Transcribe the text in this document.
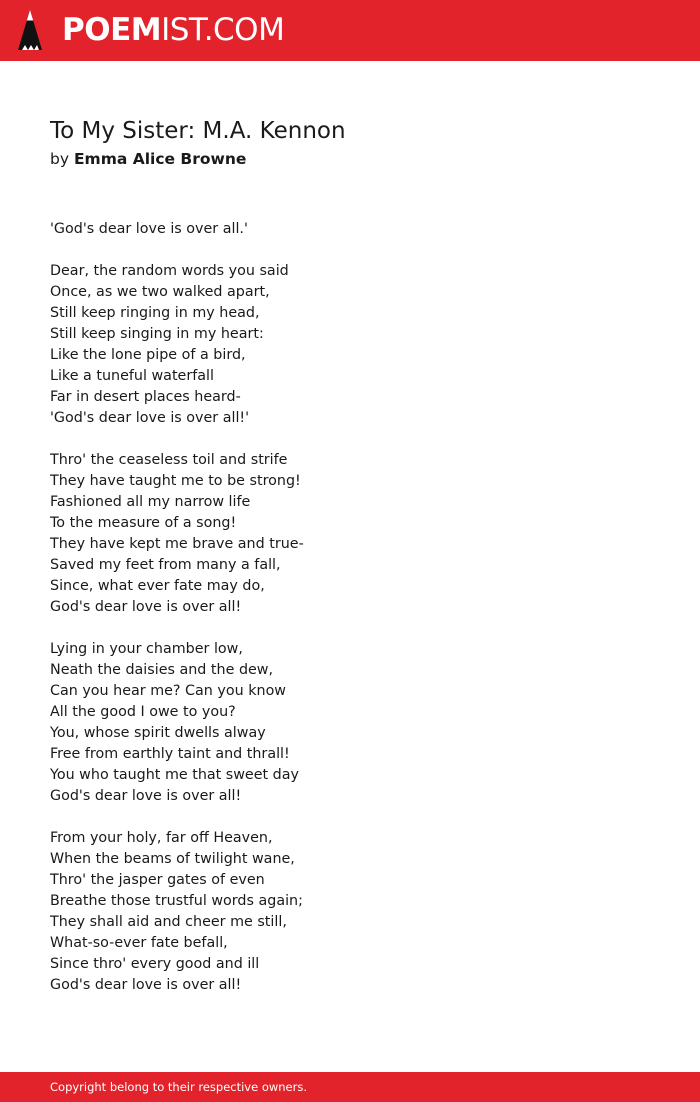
POEMIST.COM
To My Sister: M.A. Kennon
by Emma Alice Browne
'God's dear love is over all.'
Dear, the random words you said
Once, as we two walked apart,
Still keep ringing in my head,
Still keep singing in my heart:
Like the lone pipe of a bird,
Like a tuneful waterfall
Far in desert places heard-
'God's dear love is over all!'
Thro' the ceaseless toil and strife
They have taught me to be strong!
Fashioned all my narrow life
To the measure of a song!
They have kept me brave and true-
Saved my feet from many a fall,
Since, what ever fate may do,
God's dear love is over all!
Lying in your chamber low,
Neath the daisies and the dew,
Can you hear me? Can you know
All the good I owe to you?
You, whose spirit dwells alway
Free from earthly taint and thrall!
You who taught me that sweet day
God's dear love is over all!
From your holy, far off Heaven,
When the beams of twilight wane,
Thro' the jasper gates of even
Breathe those trustful words again;
They shall aid and cheer me still,
What-so-ever fate befall,
Since thro' every good and ill
God's dear love is over all!
Copyright belong to their respective owners.
